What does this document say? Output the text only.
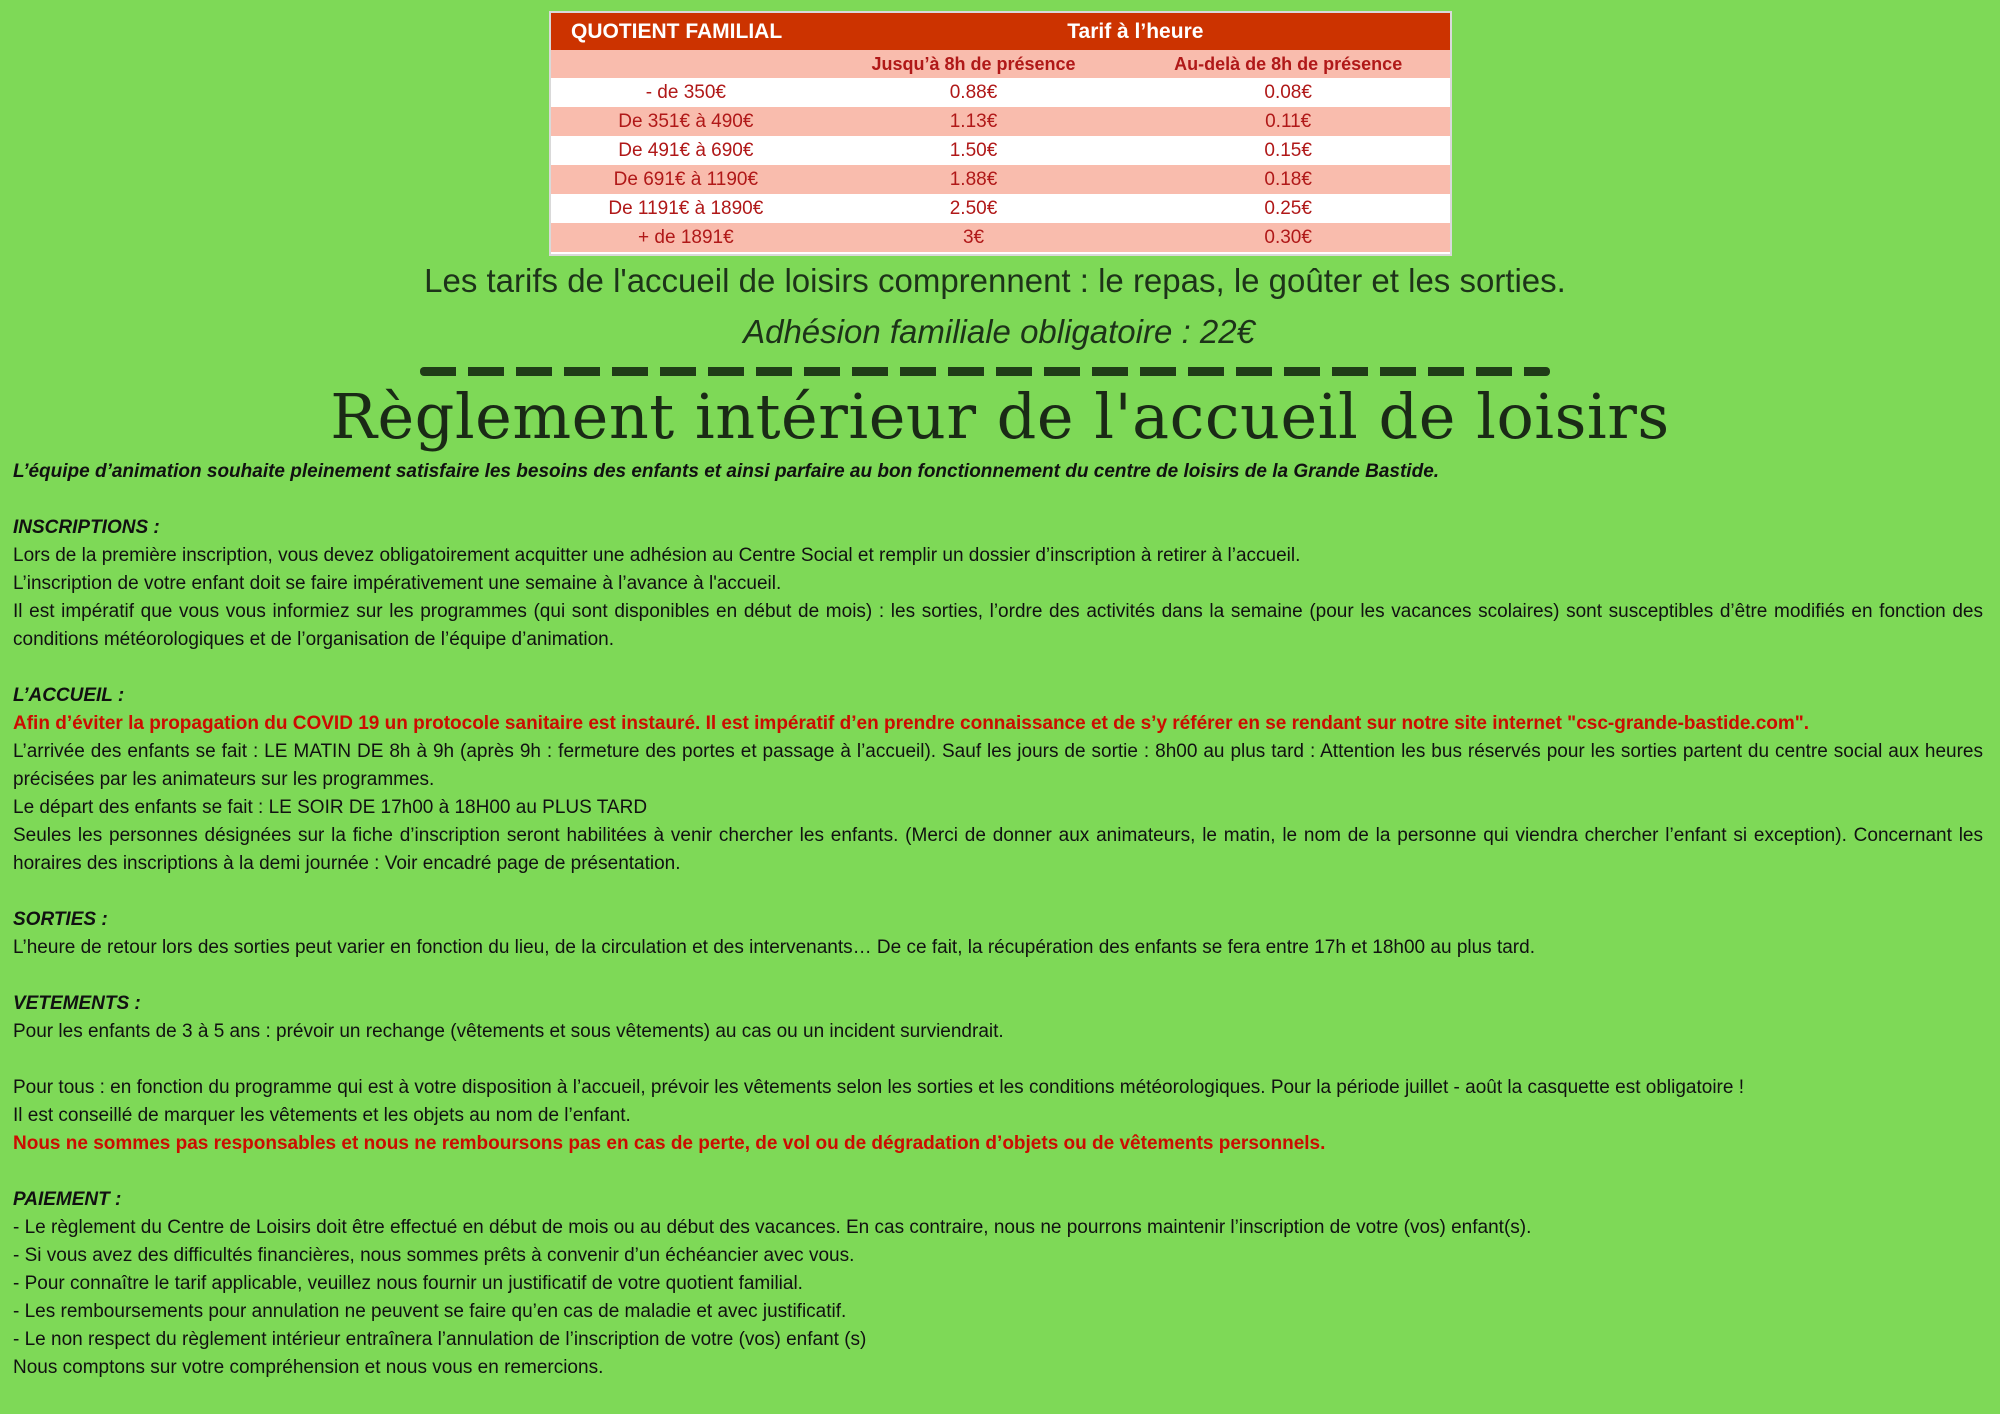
QUOTIENT FAMILIAL	Tarif à l’heure	
	Jusqu’à 8h de présence	Au-delà de 8h de présence
- de 350€	0.88€	0.08€
De 351€ à 490€	1.13€	0.11€
De 491€ à 690€	1.50€	0.15€
De 691€ à 1190€	1.88€	0.18€
De 1191€ à 1890€	2.50€	0.25€
+ de 1891€	3€	0.30€
Les tarifs de l'accueil de loisirs comprennent : le repas, le goûter et les sorties.
Adhésion familiale obligatoire : 22€
Règlement intérieur de l'accueil de loisirs

L’équipe d’animation souhaite pleinement satisfaire les besoins des enfants et ainsi parfaire au bon fonctionnement du centre de loisirs de la Grande Bastide.

INSCRIPTIONS :

Lors de la première inscription, vous devez obligatoirement acquitter une adhésion au Centre Social et remplir un dossier d’inscription à retirer à l’accueil.

L’inscription de votre enfant doit se faire impérativement une semaine à l’avance à l'accueil.

Il est impératif que vous vous informiez sur les programmes (qui sont disponibles en début de mois) : les sorties, l’ordre des activités dans la semaine (pour les vacances scolaires) sont susceptibles d’être modifiés en fonction des conditions météorologiques et de l’organisation de l’équipe d’animation.

L’ACCUEIL :

Afin d’éviter la propagation du COVID 19 un protocole sanitaire est instauré. Il est impératif d’en prendre connaissance et de s’y référer en se rendant sur notre site internet "csc-grande-bastide.com".

L’arrivée des enfants se fait : LE MATIN DE 8h à 9h (après 9h : fermeture des portes et passage à l’accueil). Sauf les jours de sortie : 8h00 au plus tard : Attention les bus réservés pour les sorties partent du centre social aux heures précisées par les animateurs sur les programmes.

Le départ des enfants se fait : LE SOIR DE 17h00 à 18H00 au PLUS TARD

Seules les personnes désignées sur la fiche d’inscription seront habilitées à venir chercher les enfants. (Merci de donner aux animateurs, le matin, le nom de la personne qui viendra chercher l’enfant si exception). Concernant les horaires des inscriptions à la demi journée : Voir encadré page de présentation.

SORTIES :

L’heure de retour lors des sorties peut varier en fonction du lieu, de la circulation et des intervenants… De ce fait, la récupération des enfants se fera entre 17h et 18h00 au plus tard.

VETEMENTS :

Pour les enfants de 3 à 5 ans : prévoir un rechange (vêtements et sous vêtements) au cas ou un incident surviendrait.

Pour tous : en fonction du programme qui est à votre disposition à l’accueil, prévoir les vêtements selon les sorties et les conditions météorologiques. Pour la période juillet - août la casquette est obligatoire !

Il est conseillé de marquer les vêtements et les objets au nom de l’enfant.

Nous ne sommes pas responsables et nous ne remboursons pas en cas de perte, de vol ou de dégradation d’objets ou de vêtements personnels.

PAIEMENT :

- Le règlement du Centre de Loisirs doit être effectué en début de mois ou au début des vacances. En cas contraire, nous ne pourrons maintenir l’inscription de votre (vos) enfant(s).

- Si vous avez des difficultés financières, nous sommes prêts à convenir d’un échéancier avec vous.

- Pour connaître le tarif applicable, veuillez nous fournir un justificatif de votre quotient familial.

- Les remboursements pour annulation ne peuvent se faire qu’en cas de maladie et avec justificatif.

- Le non respect du règlement intérieur entraînera l’annulation de l’inscription de votre (vos) enfant (s)

Nous comptons sur votre compréhension et nous vous en remercions.
